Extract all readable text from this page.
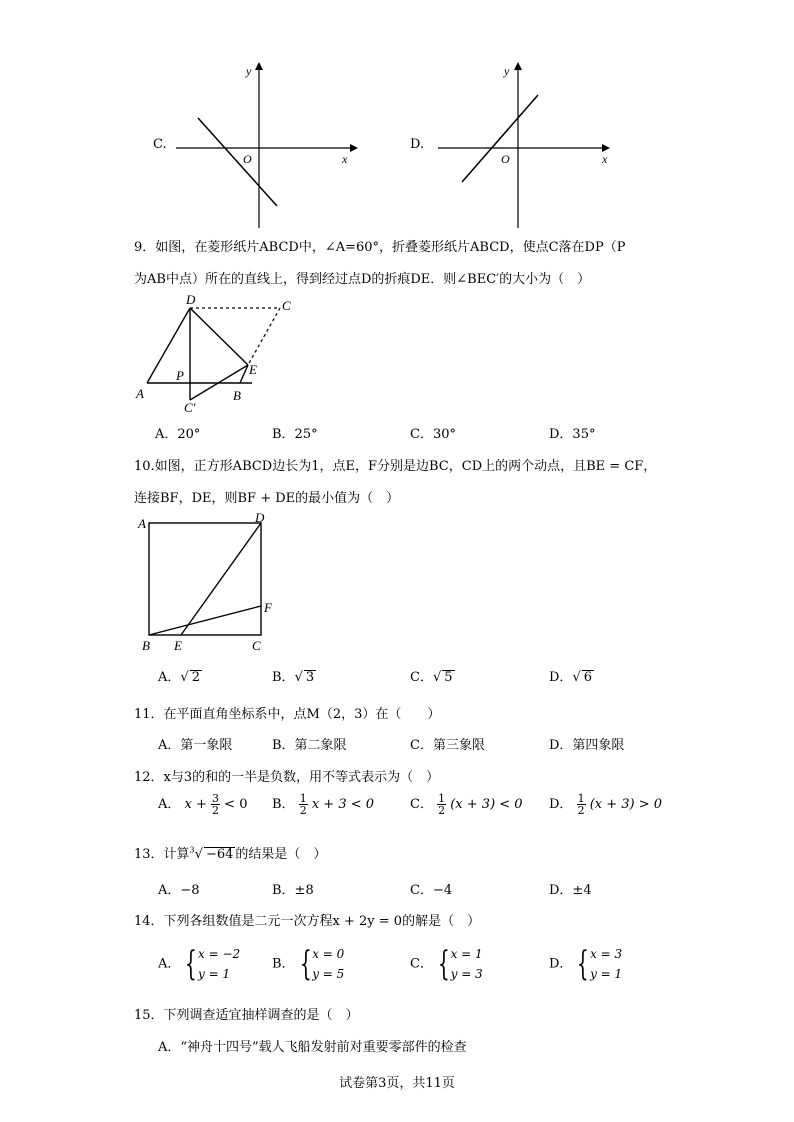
C.
y
x
O
D.
y
x
O
9．如图，在菱形纸片ABCD中，∠A=60°，折叠菱形纸片ABCD，使点C落在DP（P
为AB中点）所在的直线上，得到经过点D的折痕DE．则∠BEC′的大小为（　）
D	C
P	E
A
C′
B
A．20°	B．25°	C．30°	D．35°
10.如图，正方形ABCD边长为1，点E，F分别是边BC，CD上的两个动点，且BE = CF，
连接BF，DE，则BF + DE的最小值为（　）
A	D
F
B E	C
A．√ 2	B．√ 3	C．√ 5	D．√ 6
11．在平面直角坐标系中，点M（2，3）在（　　）
A．第一象限	B．第二象限	C．第三象限	D．第四象限
12．x与3的和的一半是负数，用不等式表示为（　）
A． $x + \frac{3}{2} < 0$ B． $\frac{1}{2}$ x + 3 < 0	C． $\frac{1}{2} (x + 3) < 0$ D． $\frac{1}{2} (x + 3) > 0$
13．计算$^3$√ −64 的结果是（　）
A．−8	B．±8	C．−4	D．±4
14．下列各组数值是二元一次方程x + 2y = 0的解是（　）
A． { x = −2
y = 1
B． { x = 0
y = 5
C． { x = 1
y = 3
D． { x = 3
y = 1
15．下列调查适宜抽样调查的是（　）
A．“神舟十四号”载人飞船发射前对重要零部件的检查
试卷第3页，共11页
